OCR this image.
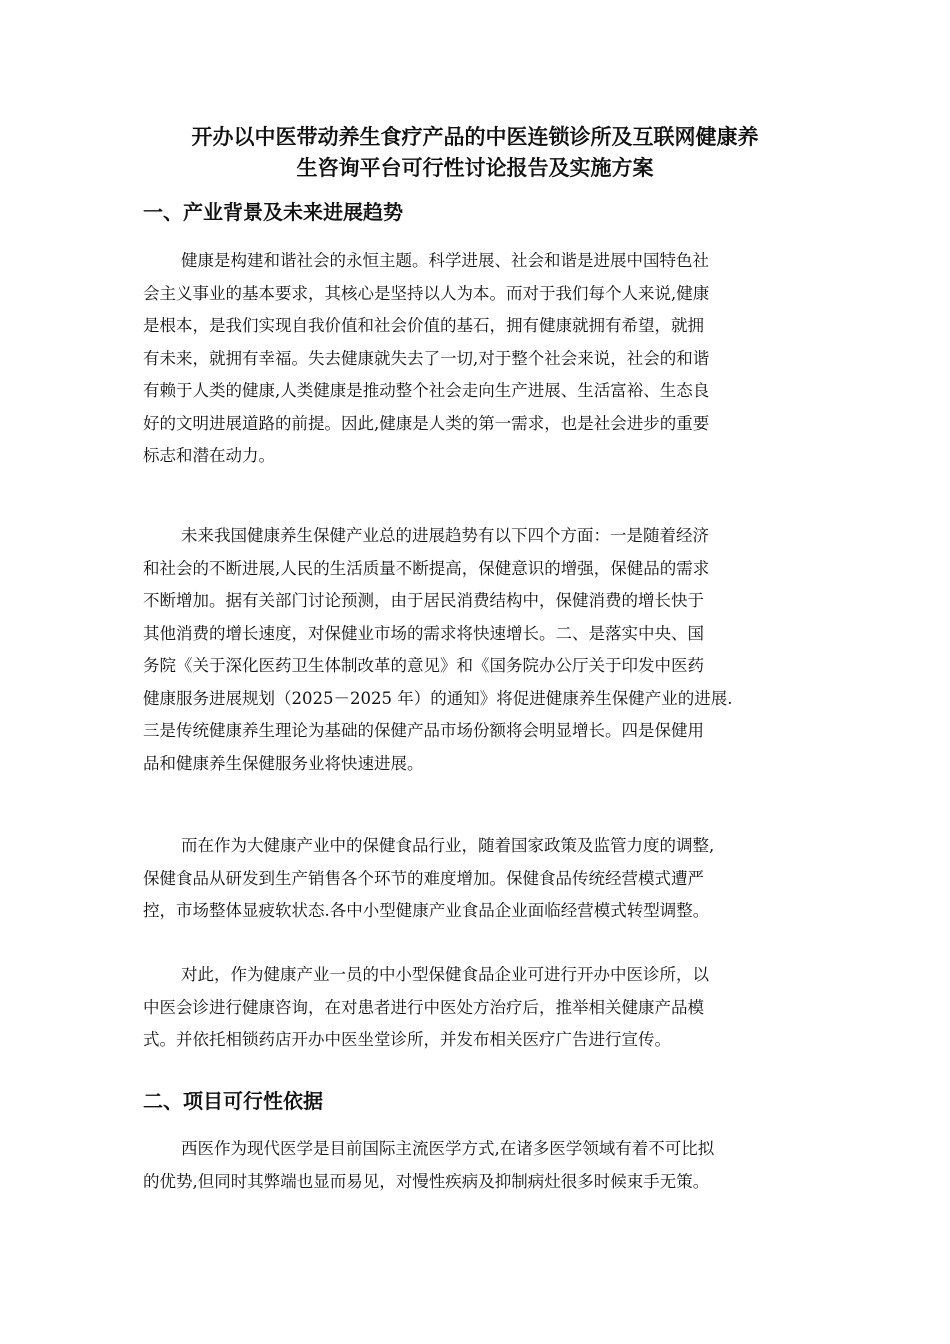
开办以中医带动养生食疗产品的中医连锁诊所及互联网健康养
生咨询平台可行性讨论报告及实施方案
一、产业背景及未来进展趋势
健康是构建和谐社会的永恒主题。科学进展、社会和谐是进展中国特色社
会主义事业的基本要求，其核心是坚持以人为本。而对于我们每个人来说,健康
是根本，是我们实现自我价值和社会价值的基石，拥有健康就拥有希望，就拥
有未来，就拥有幸福。失去健康就失去了一切,对于整个社会来说，社会的和谐
有赖于人类的健康,人类健康是推动整个社会走向生产进展、生活富裕、生态良
好的文明进展道路的前提。因此,健康是人类的第一需求，也是社会进步的重要
标志和潜在动力。
未来我国健康养生保健产业总的进展趋势有以下四个方面：一是随着经济
和社会的不断进展,人民的生活质量不断提高，保健意识的增强，保健品的需求
不断增加。据有关部门讨论预测，由于居民消费结构中，保健消费的增长快于
其他消费的增长速度，对保健业市场的需求将快速增长。二、是落实中央、国
务院《关于深化医药卫生体制改革的意见》和《国务院办公厅关于印发中医药
健康服务进展规划（2025－2025 年）的通知》将促进健康养生保健产业的进展.
三是传统健康养生理论为基础的保健产品市场份额将会明显增长。四是保健用
品和健康养生保健服务业将快速进展。
而在作为大健康产业中的保健食品行业，随着国家政策及监管力度的调整,
保健食品从研发到生产销售各个环节的难度增加。保健食品传统经营模式遭严
控，市场整体显疲软状态.各中小型健康产业食品企业面临经营模式转型调整。
对此，作为健康产业一员的中小型保健食品企业可进行开办中医诊所，以
中医会诊进行健康咨询，在对患者进行中医处方治疗后，推举相关健康产品模
式。并依托相锁药店开办中医坐堂诊所，并发布相关医疗广告进行宣传。
二、项目可行性依据
西医作为现代医学是目前国际主流医学方式,在诸多医学领域有着不可比拟
的优势,但同时其弊端也显而易见，对慢性疾病及抑制病灶很多时候束手无策。
